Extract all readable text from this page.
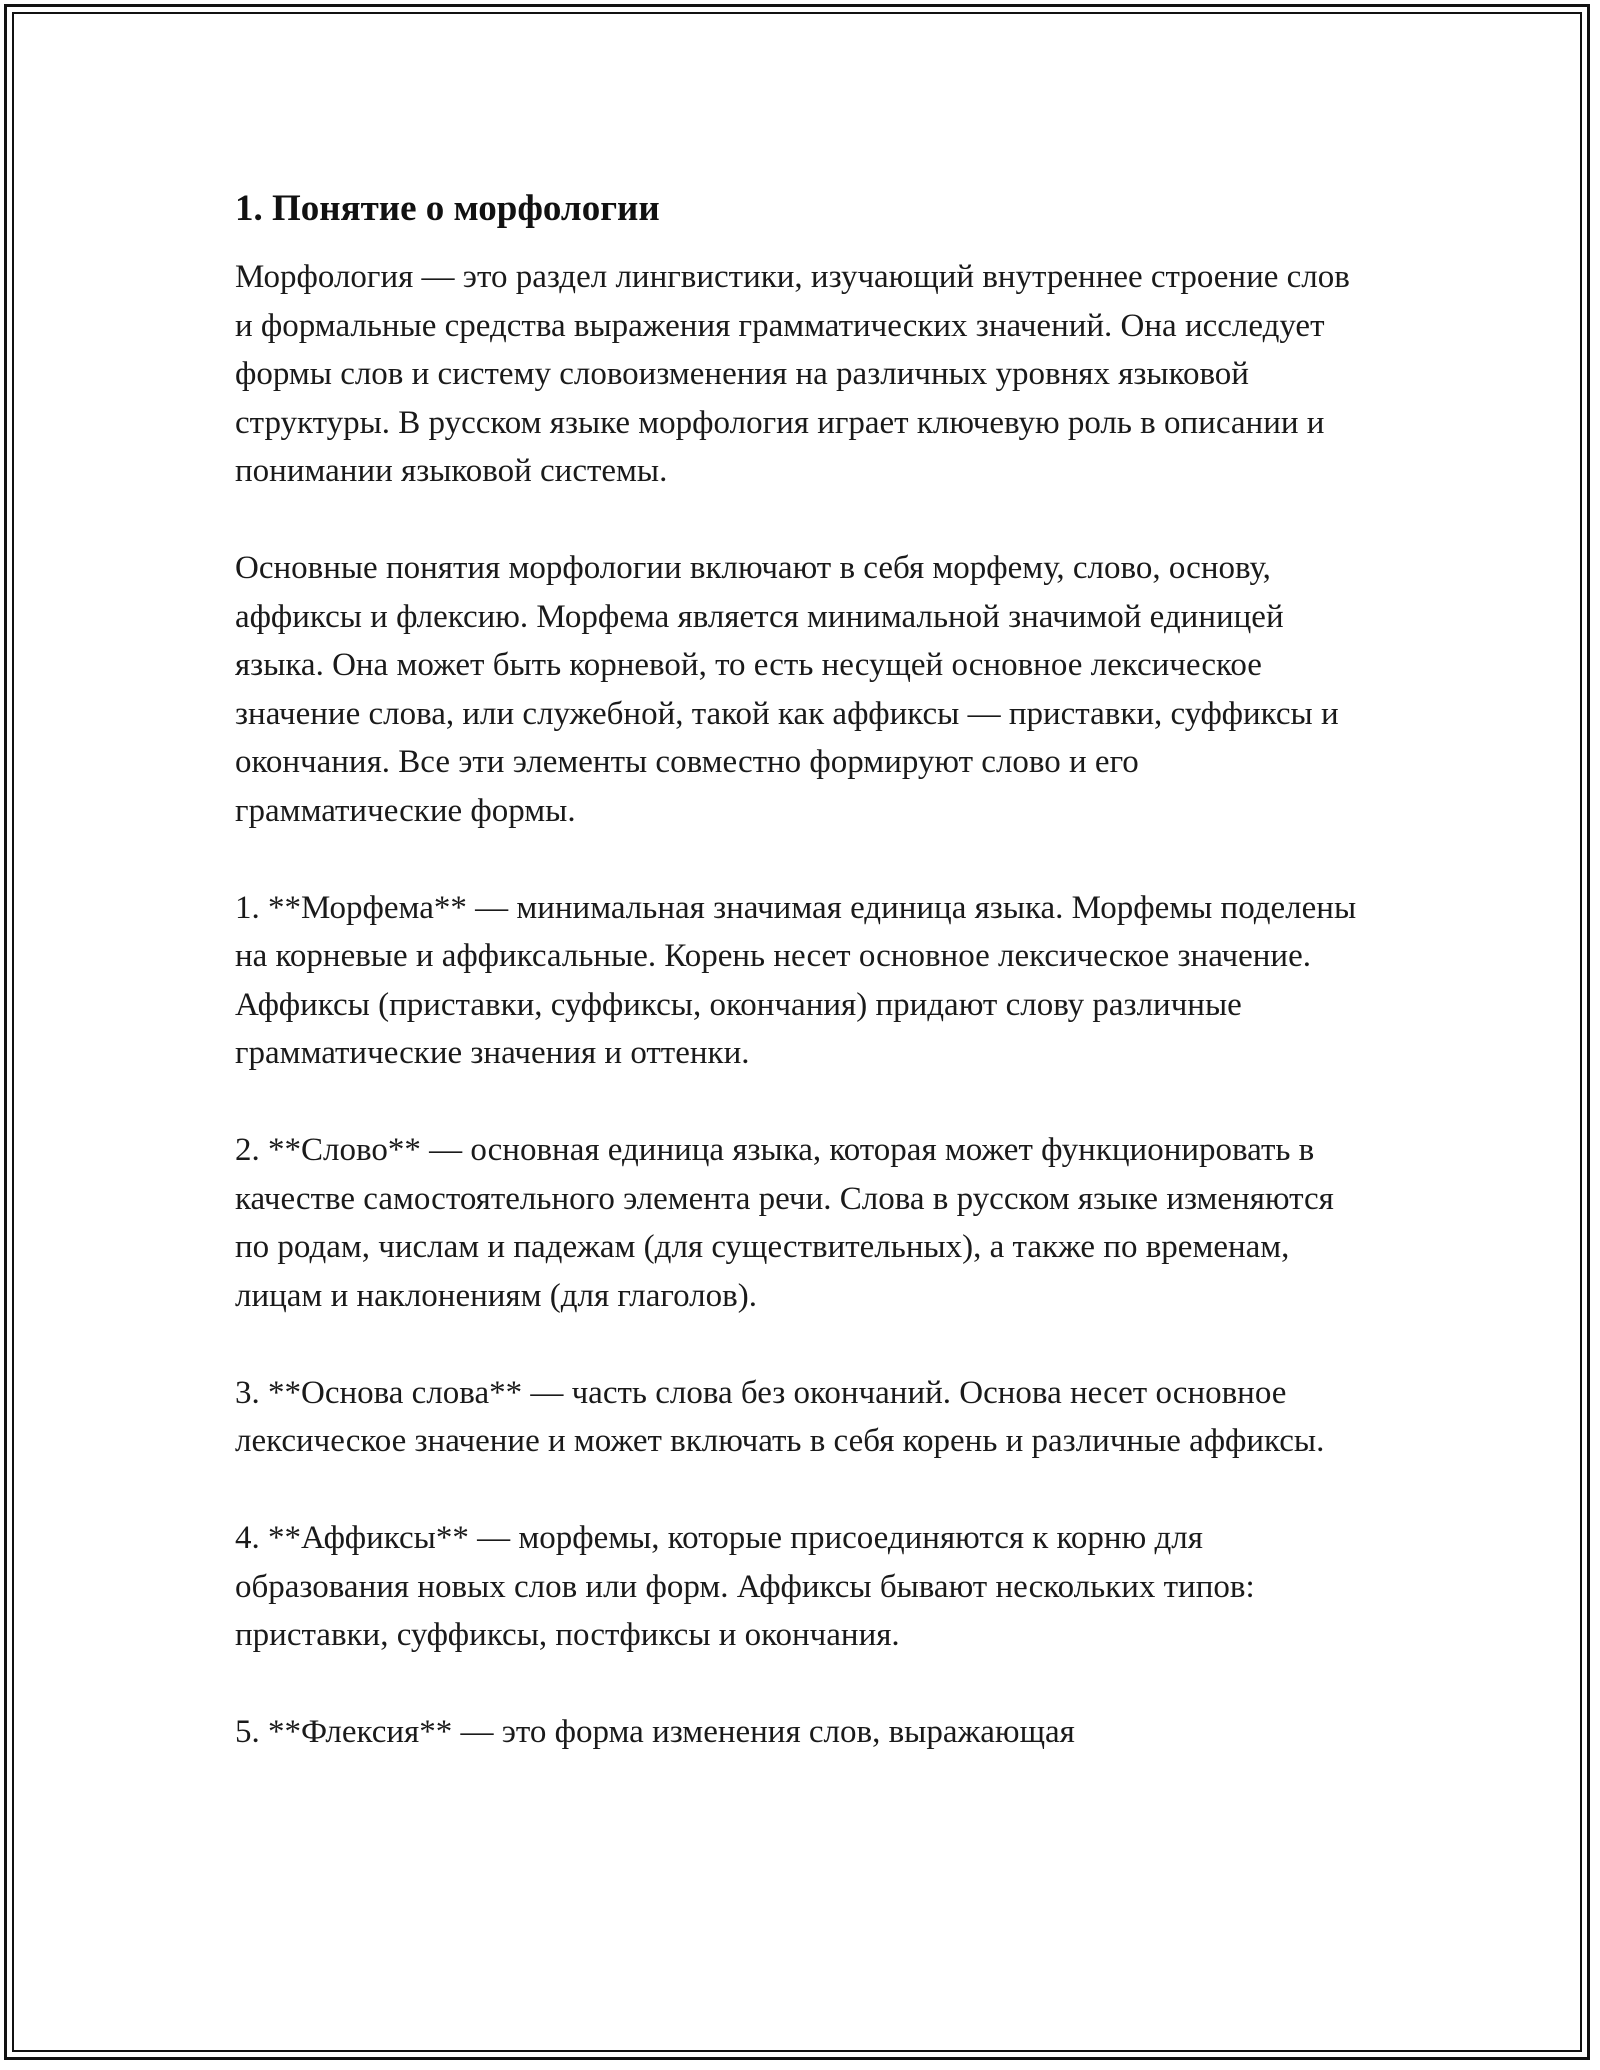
1. Понятие о морфологии

Морфология — это раздел лингвистики, изучающий внутреннее строение слов и формальные средства выражения грамматических значений. Она исследует формы слов и систему словоизменения на различных уровнях языковой структуры. В русском языке морфология играет ключевую роль в описании и понимании языковой системы.

Основные понятия морфологии включают в себя морфему, слово, основу, аффиксы и флексию. Морфема является минимальной значимой единицей языка. Она может быть корневой, то есть несущей основное лексическое значение слова, или служебной, такой как аффиксы — приставки, суффиксы и окончания. Все эти элементы совместно формируют слово и его грамматические формы.

1. **Морфема** — минимальная значимая единица языка. Морфемы поделены на корневые и аффиксальные. Корень несет основное лексическое значение. Аффиксы (приставки, суффиксы, окончания) придают слову различные грамматические значения и оттенки.

2. **Слово** — основная единица языка, которая может функционировать в качестве самостоятельного элемента речи. Слова в русском языке изменяются по родам, числам и падежам (для существительных), а также по временам, лицам и наклонениям (для глаголов).

3. **Основа слова** — часть слова без окончаний. Основа несет основное лексическое значение и может включать в себя корень и различные аффиксы.

4. **Аффиксы** — морфемы, которые присоединяются к корню для образования новых слов или форм. Аффиксы бывают нескольких типов: приставки, суффиксы, постфиксы и окончания.

5. **Флексия** — это форма изменения слов, выражающая
